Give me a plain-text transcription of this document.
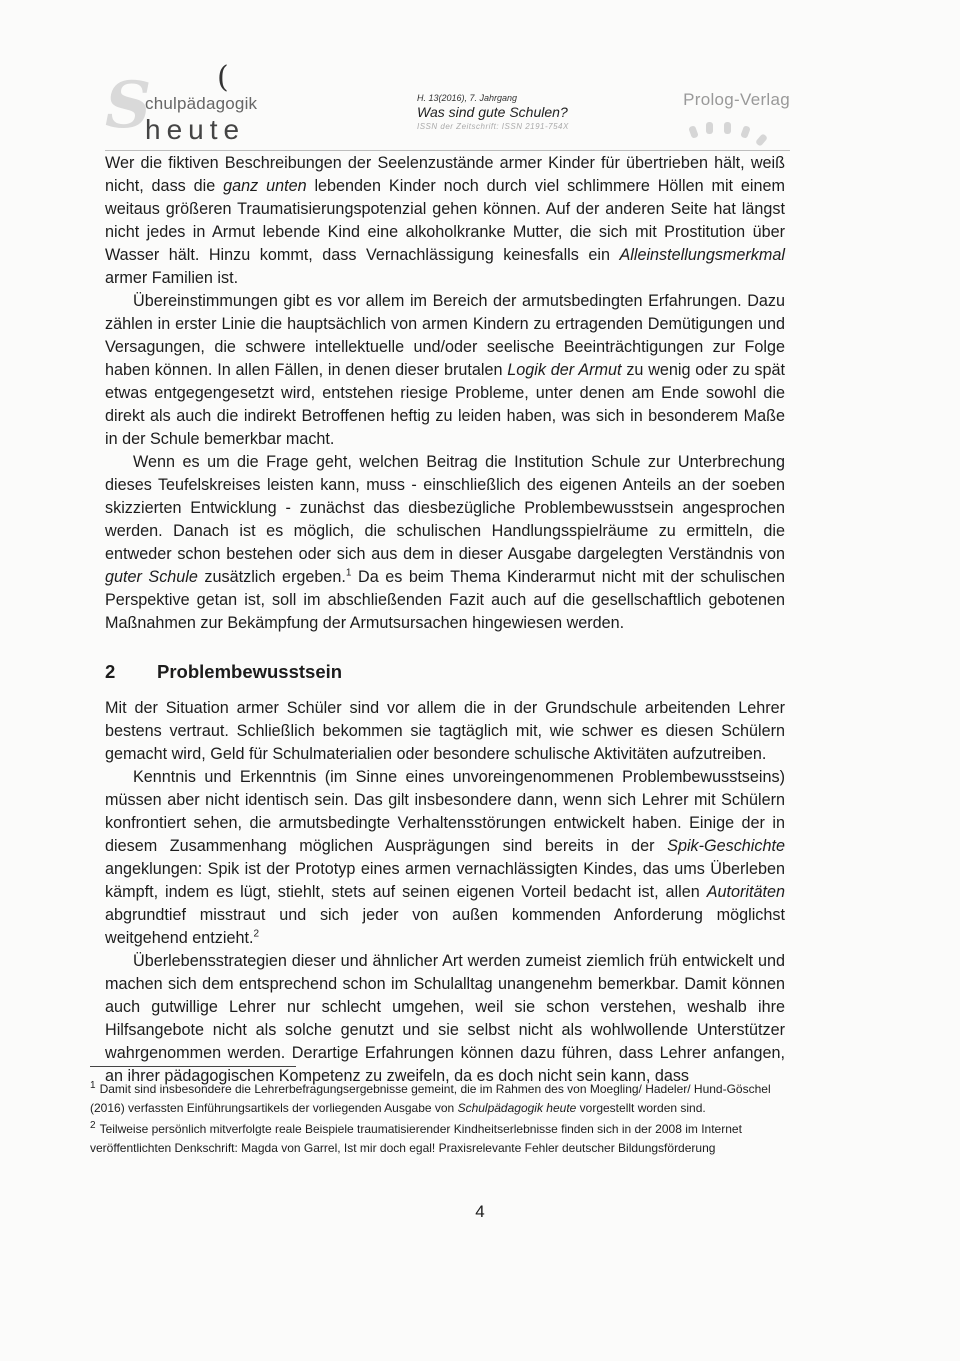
(
S
chulpädagogik
heute
H. 13(2016), 7. Jahrgang
Was sind gute Schulen?
ISSN der Zeitschrift: ISSN 2191-754X
Prolog-Verlag

Wer die fiktiven Beschreibungen der Seelenzustände armer Kinder für übertrieben hält, weiß nicht, dass die ganz unten lebenden Kinder noch durch viel schlimmere Höllen mit einem weitaus größeren Traumatisierungspotenzial gehen können. Auf der anderen Seite hat längst nicht jedes in Armut lebende Kind eine alkoholkranke Mutter, die sich mit Prostitution über Wasser hält. Hinzu kommt, dass Vernachlässigung keinesfalls ein Alleinstellungsmerkmal armer Familien ist.

Übereinstimmungen gibt es vor allem im Bereich der armutsbedingten Erfahrungen. Dazu zählen in erster Linie die hauptsächlich von armen Kindern zu ertragenden Demütigungen und Versagungen, die schwere intellektuelle und/oder seelische Beeinträchtigungen zur Folge haben können. In allen Fällen, in denen dieser brutalen Logik der Armut zu wenig oder zu spät etwas entgegengesetzt wird, entstehen riesige Probleme, unter denen am Ende sowohl die direkt als auch die indirekt Betroffenen heftig zu leiden haben, was sich in besonderem Maße in der Schule bemerkbar macht.

Wenn es um die Frage geht, welchen Beitrag die Institution Schule zur Unterbrechung dieses Teufelskreises leisten kann, muss - einschließlich des eigenen Anteils an der soeben skizzierten Entwicklung - zunächst das diesbezügliche Problembewusstsein angesprochen werden. Danach ist es möglich, die schulischen Handlungsspielräume zu ermitteln, die entweder schon bestehen oder sich aus dem in dieser Ausgabe dargelegten Verständnis von guter Schule zusätzlich ergeben.$^1$ Da es beim Thema Kinderarmut nicht mit der schulischen Perspektive getan ist, soll im abschließenden Fazit auch auf die gesellschaftlich gebotenen Maßnahmen zur Bekämpfung der Armutsursachen hingewiesen werden.

2 Problembewusstsein

Mit der Situation armer Schüler sind vor allem die in der Grundschule arbeitenden Lehrer bestens vertraut. Schließlich bekommen sie tagtäglich mit, wie schwer es diesen Schülern gemacht wird, Geld für Schulmaterialien oder besondere schulische Aktivitäten aufzutreiben.

Kenntnis und Erkenntnis (im Sinne eines unvoreingenommenen Problembewusstseins) müssen aber nicht identisch sein. Das gilt insbesondere dann, wenn sich Lehrer mit Schülern konfrontiert sehen, die armutsbedingte Verhaltensstörungen entwickelt haben. Einige der in diesem Zusammenhang möglichen Ausprägungen sind bereits in der Spik-Geschichte angeklungen: Spik ist der Prototyp eines armen vernachlässigten Kindes, das ums Überleben kämpft, indem es lügt, stiehlt, stets auf seinen eigenen Vorteil bedacht ist, allen Autoritäten abgrundtief misstraut und sich jeder von außen kommenden Anforderung möglichst weitgehend entzieht.$^2$

Überlebensstrategien dieser und ähnlicher Art werden zumeist ziemlich früh entwickelt und machen sich dem entsprechend schon im Schulalltag unangenehm bemerkbar. Damit können auch gutwillige Lehrer nur schlecht umgehen, weil sie schon verstehen, weshalb ihre Hilfsangebote nicht als solche genutzt und sie selbst nicht als wohlwollende Unterstützer wahrgenommen werden. Derartige Erfahrungen können dazu führen, dass Lehrer anfangen, an ihrer pädagogischen Kompetenz zu zweifeln, da es doch nicht sein kann, dass

$^1$ Damit sind insbesondere die Lehrerbefragungsergebnisse gemeint, die im Rahmen des von Moegling/ Hadeler/ Hund-Göschel (2016) verfassten Einführungsartikels der vorliegenden Ausgabe von Schulpädagogik heute vorgestellt worden sind.

$^2$ Teilweise persönlich mitverfolgte reale Beispiele traumatisierender Kindheitserlebnisse finden sich in der 2008 im Internet veröffentlichten Denkschrift: Magda von Garrel, Ist mir doch egal! Praxisrelevante Fehler deutscher Bildungsförderung

4
